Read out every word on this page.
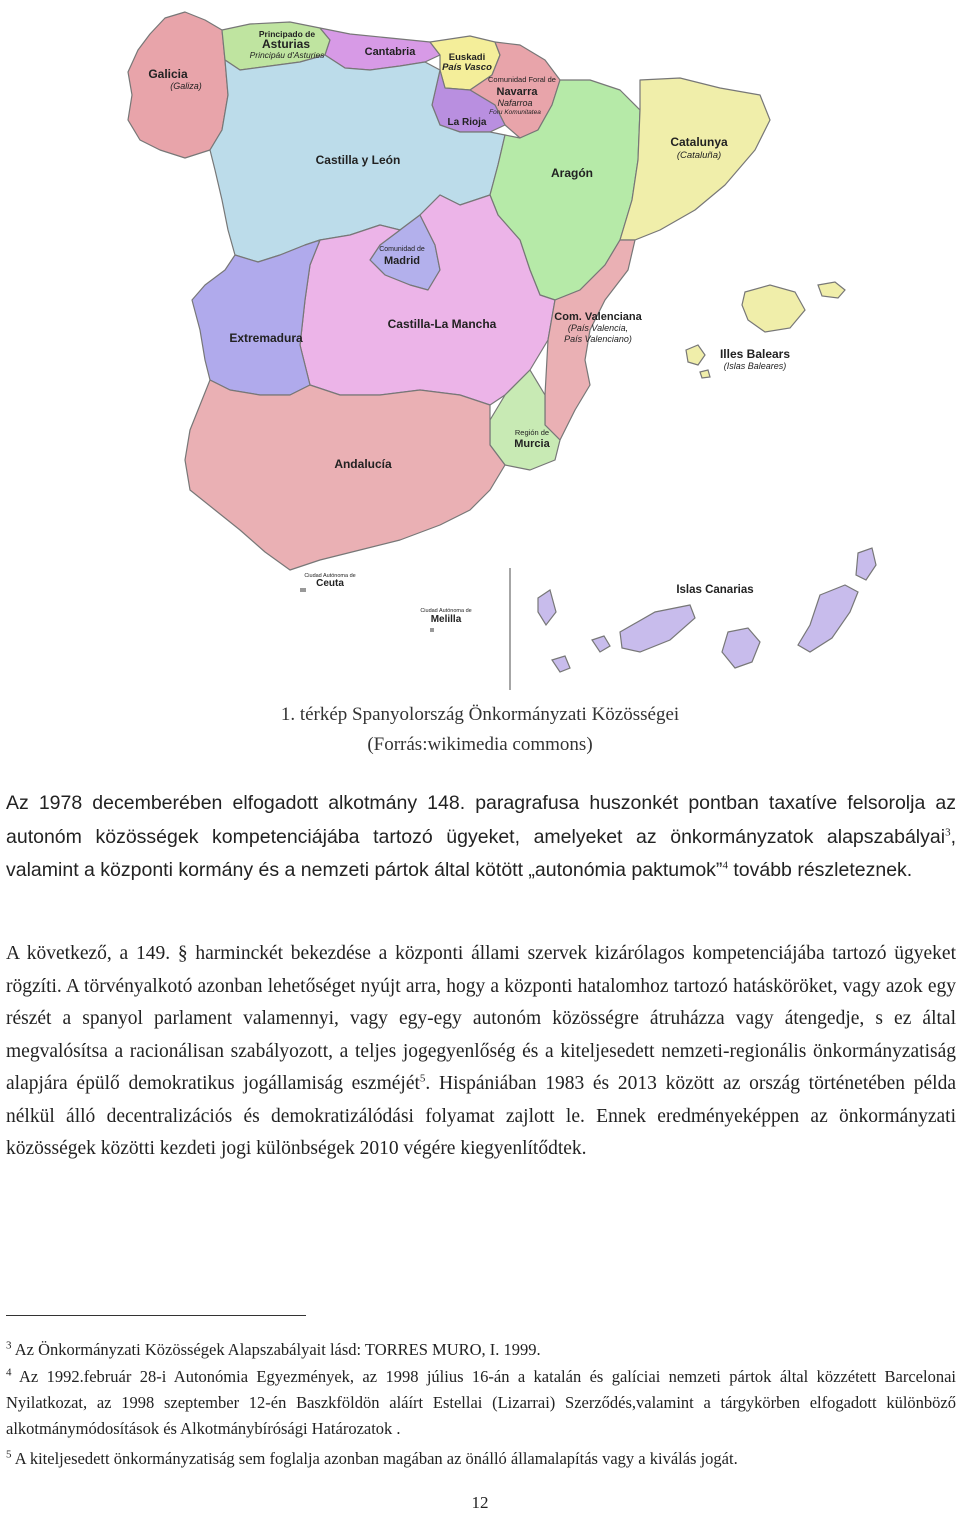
Galicia
(Galiza)
Principado de
Asturias
Principáu d'Asturies	Cantabria	Euskadi
País Vasco
Comunidad Foral de
Navarra
Nafarroa
Foru Komunitatea
La Rioja
Castilla y León
Aragón
Catalunya
(Cataluña)
Comunidad de
Madrid
Castilla-La Mancha
Extremadura
Com. Valenciana
(País Valencia,
País Valenciano)
Región de
Murcia
Andalucía
Illes Balears
(Islas Baleares)
Islas Canarias
Ciudad Autónoma de
Ceuta
Ciudad Autónoma de
Melilla
1. térkép Spanyolország Önkormányzati Közösségei
(Forrás:wikimedia commons)

Az 1978 decemberében elfogadott alkotmány 148. paragrafusa huszonkét pontban taxatíve felsorolja az autonóm közösségek kompetenciájába tartozó ügyeket, amelyeket az önkormányzatok alapszabályai$^3$, valamint a központi kormány és a nemzeti pártok által kötött „autonómia paktumok”$^4$ tovább részleteznek.

A következő, a 149. § harminckét bekezdése a központi állami szervek kizárólagos kompetenciájába tartozó ügyeket rögzíti. A törvényalkotó azonban lehetőséget nyújt arra, hogy a központi hatalomhoz tartozó hatásköröket, vagy azok egy részét a spanyol parlament valamennyi, vagy egy-egy autonóm közösségre átruházza vagy átengedje, s ez által megvalósítsa a racionálisan szabályozott, a teljes jogegyenlőség és a kiteljesedett nemzeti-regionális önkormányzatiság alapjára épülő demokratikus jogállamiság eszméjét$^5$. Hispániában 1983 és 2013 között az ország történetében példa nélkül álló decentralizációs és demokratizálódási folyamat zajlott le. Ennek eredményeképpen az önkormányzati közösségek közötti kezdeti jogi különbségek 2010 végére kiegyenlítődtek.

$^3$ Az Önkormányzati Közösségek Alapszabályait lásd: TORRES MURO, I. 1999.

$^4$ Az 1992.február 28-i Autonómia Egyezmények, az 1998 július 16-án a katalán és galíciai nemzeti pártok által közzétett Barcelonai Nyilatkozat, az 1998 szeptember 12-én Baszkföldön aláírt Estellai (Lizarrai) Szerződés,valamint a tárgykörben elfogadott különböző alkotmánymódosítások és Alkotmánybírósági Határozatok .

$^5$ A kiteljesedett önkormányzatiság sem foglalja azonban magában az önálló államalapítás vagy a kiválás jogát.

12
